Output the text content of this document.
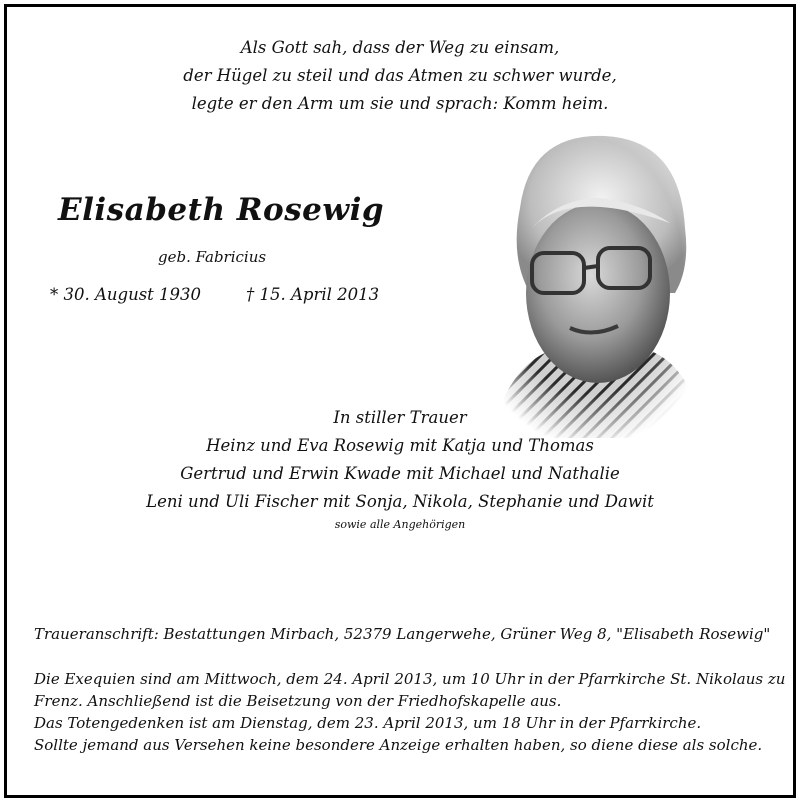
Als Gott sah, dass der Weg zu einsam,
der Hügel zu steil und das Atmen zu schwer wurde,
legte er den Arm um sie und sprach: Komm heim.
Elisabeth Rosewig
geb. Fabricius
* 30. August 1930	† 15. April 2013
In stiller Trauer
Heinz und Eva Rosewig mit Katja und Thomas
Gertrud und Erwin Kwade mit Michael und Nathalie
Leni und Uli Fischer mit Sonja, Nikola, Stephanie und Dawit
sowie alle Angehörigen
Traueranschrift: Bestattungen Mirbach, 52379 Langerwehe, Grüner Weg 8, "Elisabeth Rosewig"
Die Exequien sind am Mittwoch, dem 24. April 2013, um 10 Uhr in der Pfarrkirche St. Nikolaus zu
Frenz. Anschließend ist die Beisetzung von der Friedhofskapelle aus.
Das Totengedenken ist am Dienstag, dem 23. April 2013, um 18 Uhr in der Pfarrkirche.
Sollte jemand aus Versehen keine besondere Anzeige erhalten haben, so diene diese als solche.
